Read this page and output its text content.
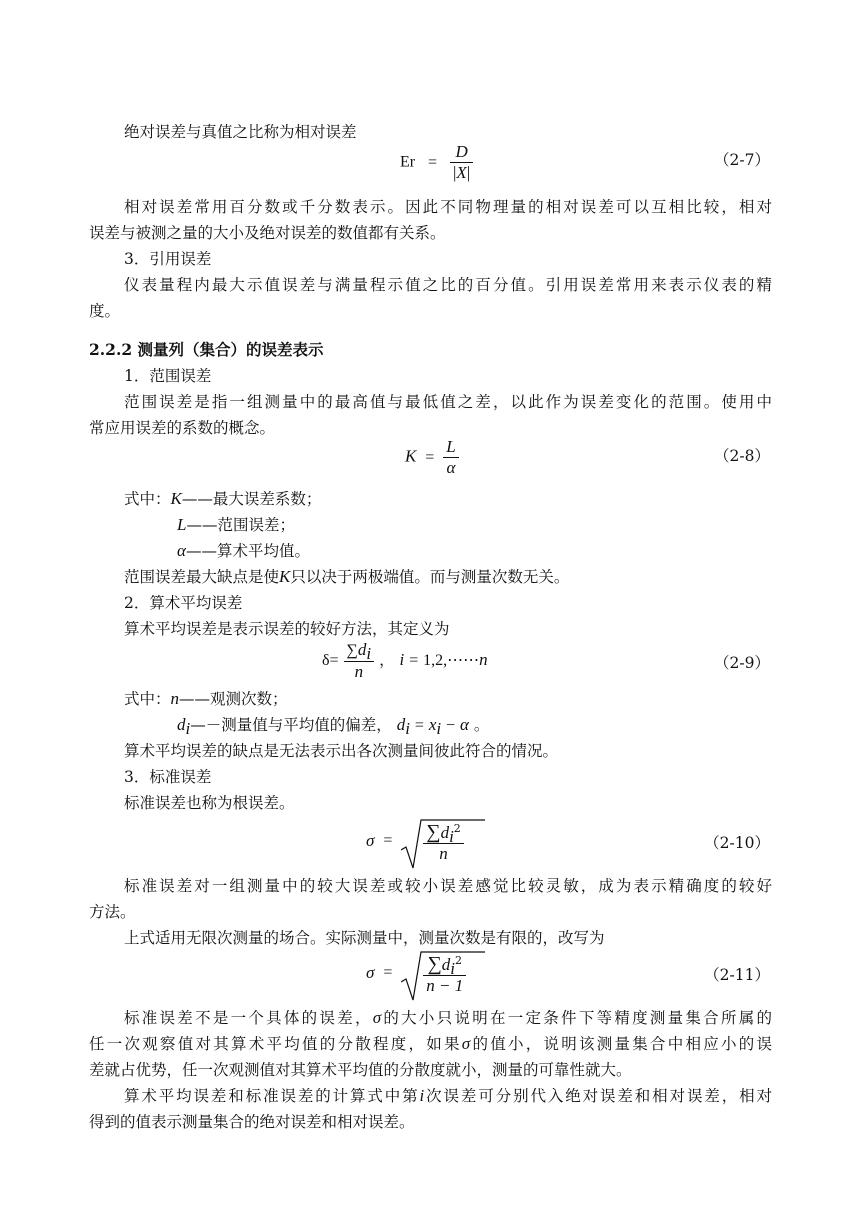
绝对误差与真值之比称为相对误差
$Er = \frac{D}{|X|}$	（2-7）
相对误差常用百分数或千分数表示。因此不同物理量的相对误差可以互相比较，相对
误差与被测之量的大小及绝对误差的数值都有关系。
3．引用误差
仪表量程内最大示值误差与满量程示值之比的百分值。引用误差常用来表示仪表的精
度。
2.2.2 测量列（集合）的误差表示
1．范围误差
范围误差是指一组测量中的最高值与最低值之差，以此作为误差变化的范围。使用中
常应用误差的系数的概念。
$K = \frac{L}{\alpha}$	（2-8）
式中：K——最大误差系数；
L——范围误差；
α——算术平均值。
范围误差最大缺点是使K只以决于两极端值。而与测量次数无关。
2．算术平均误差
算术平均误差是表示误差的较好方法，其定义为
$\delta= \frac{\sum d_i}{n}$ ， i = 1,2,⋯⋯n	（2-9）
式中：n——观测次数；
$d_i—-$测量值与平均值的偏差， $d_i = x_i - \alpha$ 。
算术平均误差的缺点是无法表示出各次测量间彼此符合的情况。
3．标准误差
标准误差也称为根误差。
$\sigma = \frac{\sum d_i^2}{n}$	（2-10）
标准误差对一组测量中的较大误差或较小误差感觉比较灵敏，成为表示精确度的较好
方法。
上式适用无限次测量的场合。实际测量中，测量次数是有限的，改写为
$\sigma = \frac{\sum d_i^2}{n - 1}$	（2-11）
标准误差不是一个具体的误差，σ的大小只说明在一定条件下等精度测量集合所属的
任一次观察值对其算术平均值的分散程度，如果σ的值小，说明该测量集合中相应小的误
差就占优势，任一次观测值对其算术平均值的分散度就小，测量的可靠性就大。
算术平均误差和标准误差的计算式中第i次误差可分别代入绝对误差和相对误差，相对
得到的值表示测量集合的绝对误差和相对误差。
